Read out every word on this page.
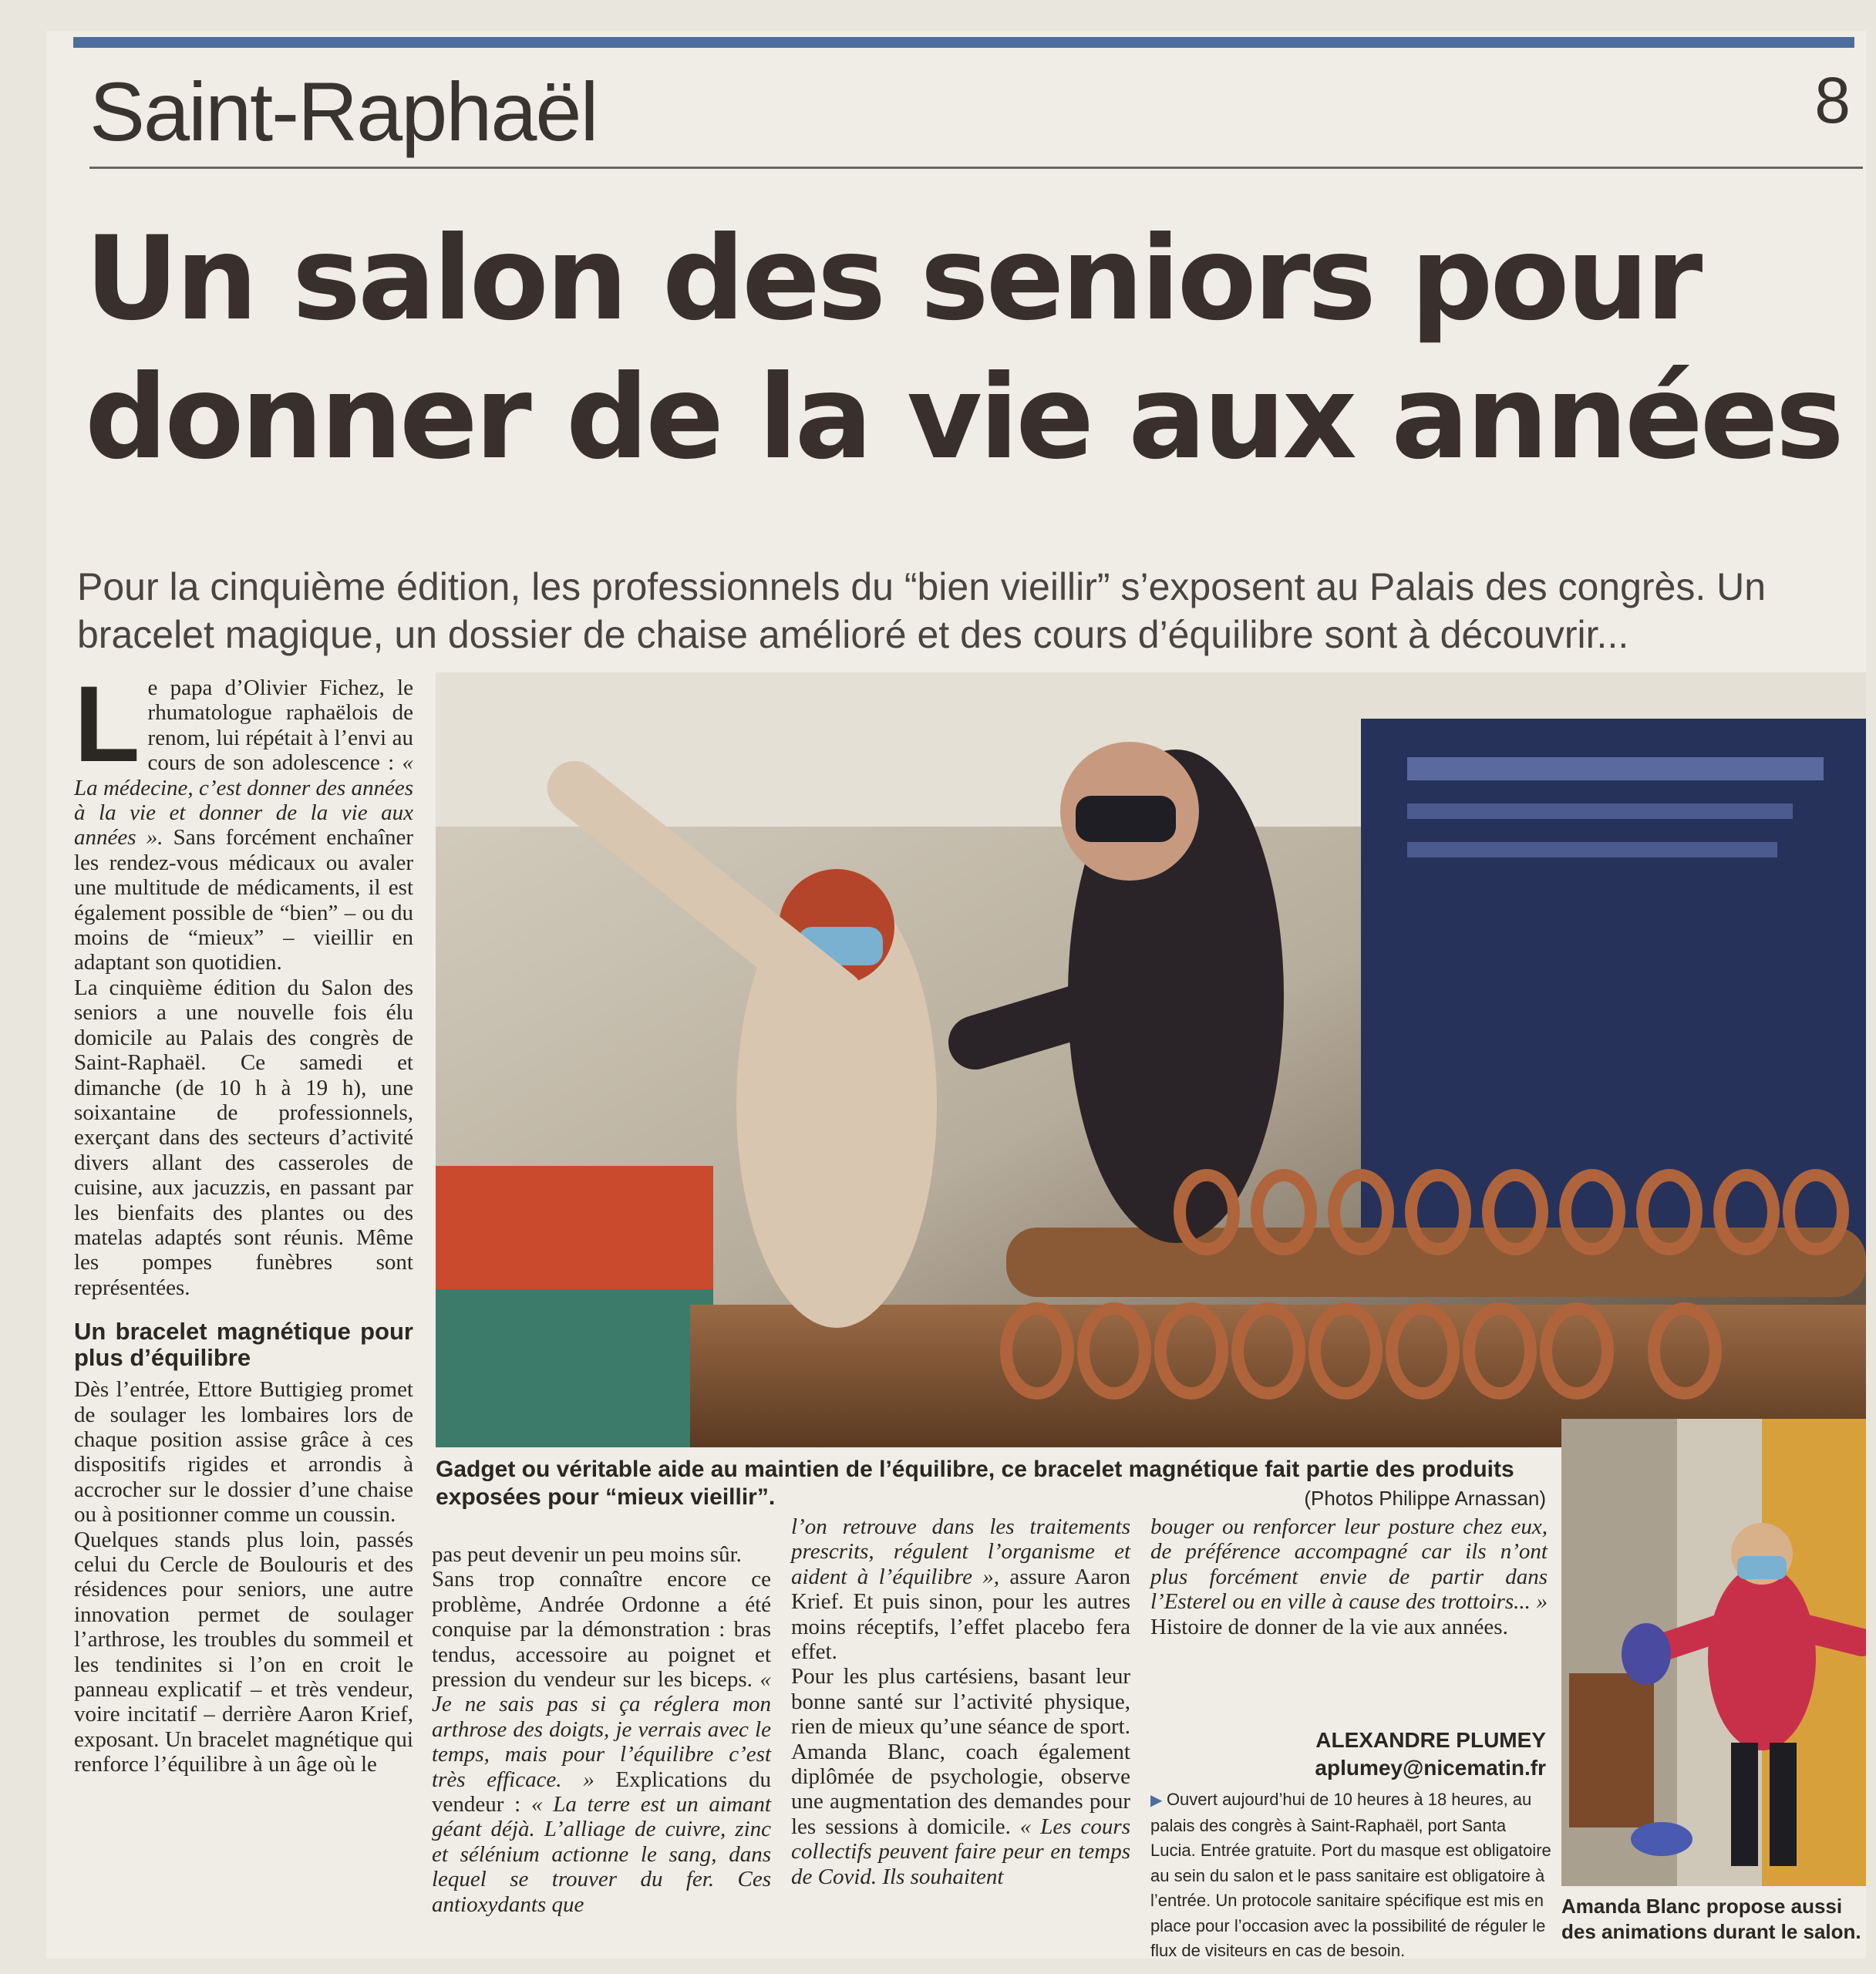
Saint-Raphaël	8
Un salon des seniors pour donner de la vie aux années

Pour la cinquième édition, les professionnels du “bien vieillir” s’exposent au Palais des congrès. Un bracelet magique, un dossier de chaise amélioré et des cours d’équilibre sont à découvrir...

Le papa d’Olivier Fichez, le rhumatologue raphaëlois de renom, lui répétait à l’envi au cours de son adolescence : « La médecine, c’est donner des années à la vie et donner de la vie aux années ». Sans forcément enchaîner les rendez-vous médicaux ou avaler une multitude de médicaments, il est également possible de “bien” – ou du moins de “mieux” – vieillir en adaptant son quotidien.

La cinquième édition du Salon des seniors a une nouvelle fois élu domicile au Palais des congrès de Saint-Raphaël. Ce samedi et dimanche (de 10 h à 19 h), une soixantaine de professionnels, exerçant dans des secteurs d’activité divers allant des casseroles de cuisine, aux jacuzzis, en passant par les bienfaits des plantes ou des matelas adaptés sont réunis. Même les pompes funèbres sont représentées.

Un bracelet magnétique pour plus d’équilibre

Dès l’entrée, Ettore Buttigieg promet de soulager les lombaires lors de chaque position assise grâce à ces dispositifs rigides et arrondis à accrocher sur le dossier d’une chaise ou à positionner comme un coussin.

Quelques stands plus loin, passés celui du Cercle de Boulouris et des résidences pour seniors, une autre innovation permet de soulager l’arthrose, les troubles du sommeil et les tendinites si l’on en croit le panneau explicatif – et très vendeur, voire incitatif – derrière Aaron Krief, exposant. Un bracelet magnétique qui renforce l’équilibre à un âge où le

Gadget ou véritable aide au maintien de l’équilibre, ce bracelet magnétique fait partie des produits exposées pour “mieux vieillir”.	(Photos Philippe Arnassan)

pas peut devenir un peu moins sûr.

Sans trop connaître encore ce problème, Andrée Ordonne a été conquise par la démonstration : bras tendus, accessoire au poignet et pression du vendeur sur les biceps. « Je ne sais pas si ça réglera mon arthrose des doigts, je verrais avec le temps, mais pour l’équilibre c’est très efficace. » Explications du vendeur : « La terre est un aimant géant déjà. L’alliage de cuivre, zinc et sélénium actionne le sang, dans lequel se trouver du fer. Ces antioxydants que

l’on retrouve dans les traitements prescrits, régulent l’organisme et aident à l’équilibre », assure Aaron Krief. Et puis sinon, pour les autres moins réceptifs, l’effet placebo fera effet.

Pour les plus cartésiens, basant leur bonne santé sur l’activité physique, rien de mieux qu’une séance de sport. Amanda Blanc, coach également diplômée de psychologie, observe une augmentation des demandes pour les sessions à domicile. « Les cours collectifs peuvent faire peur en temps de Covid. Ils souhaitent

bouger ou renforcer leur posture chez eux, de préférence accompagné car ils n’ont plus forcément envie de partir dans l’Esterel ou en ville à cause des trottoirs... » Histoire de donner de la vie aux années.

ALEXANDRE PLUMEY
aplumey@nicematin.fr
▶ Ouvert aujourd’hui de 10 heures à 18 heures, au palais des congrès à Saint-Raphaël, port Santa Lucia. Entrée gratuite. Port du masque est obligatoire au sein du salon et le pass sanitaire est obligatoire à l’entrée. Un protocole sanitaire spécifique est mis en place pour l’occasion avec la possibilité de réguler le flux de visiteurs en cas de besoin.
Amanda Blanc propose aussi des animations durant le salon.
